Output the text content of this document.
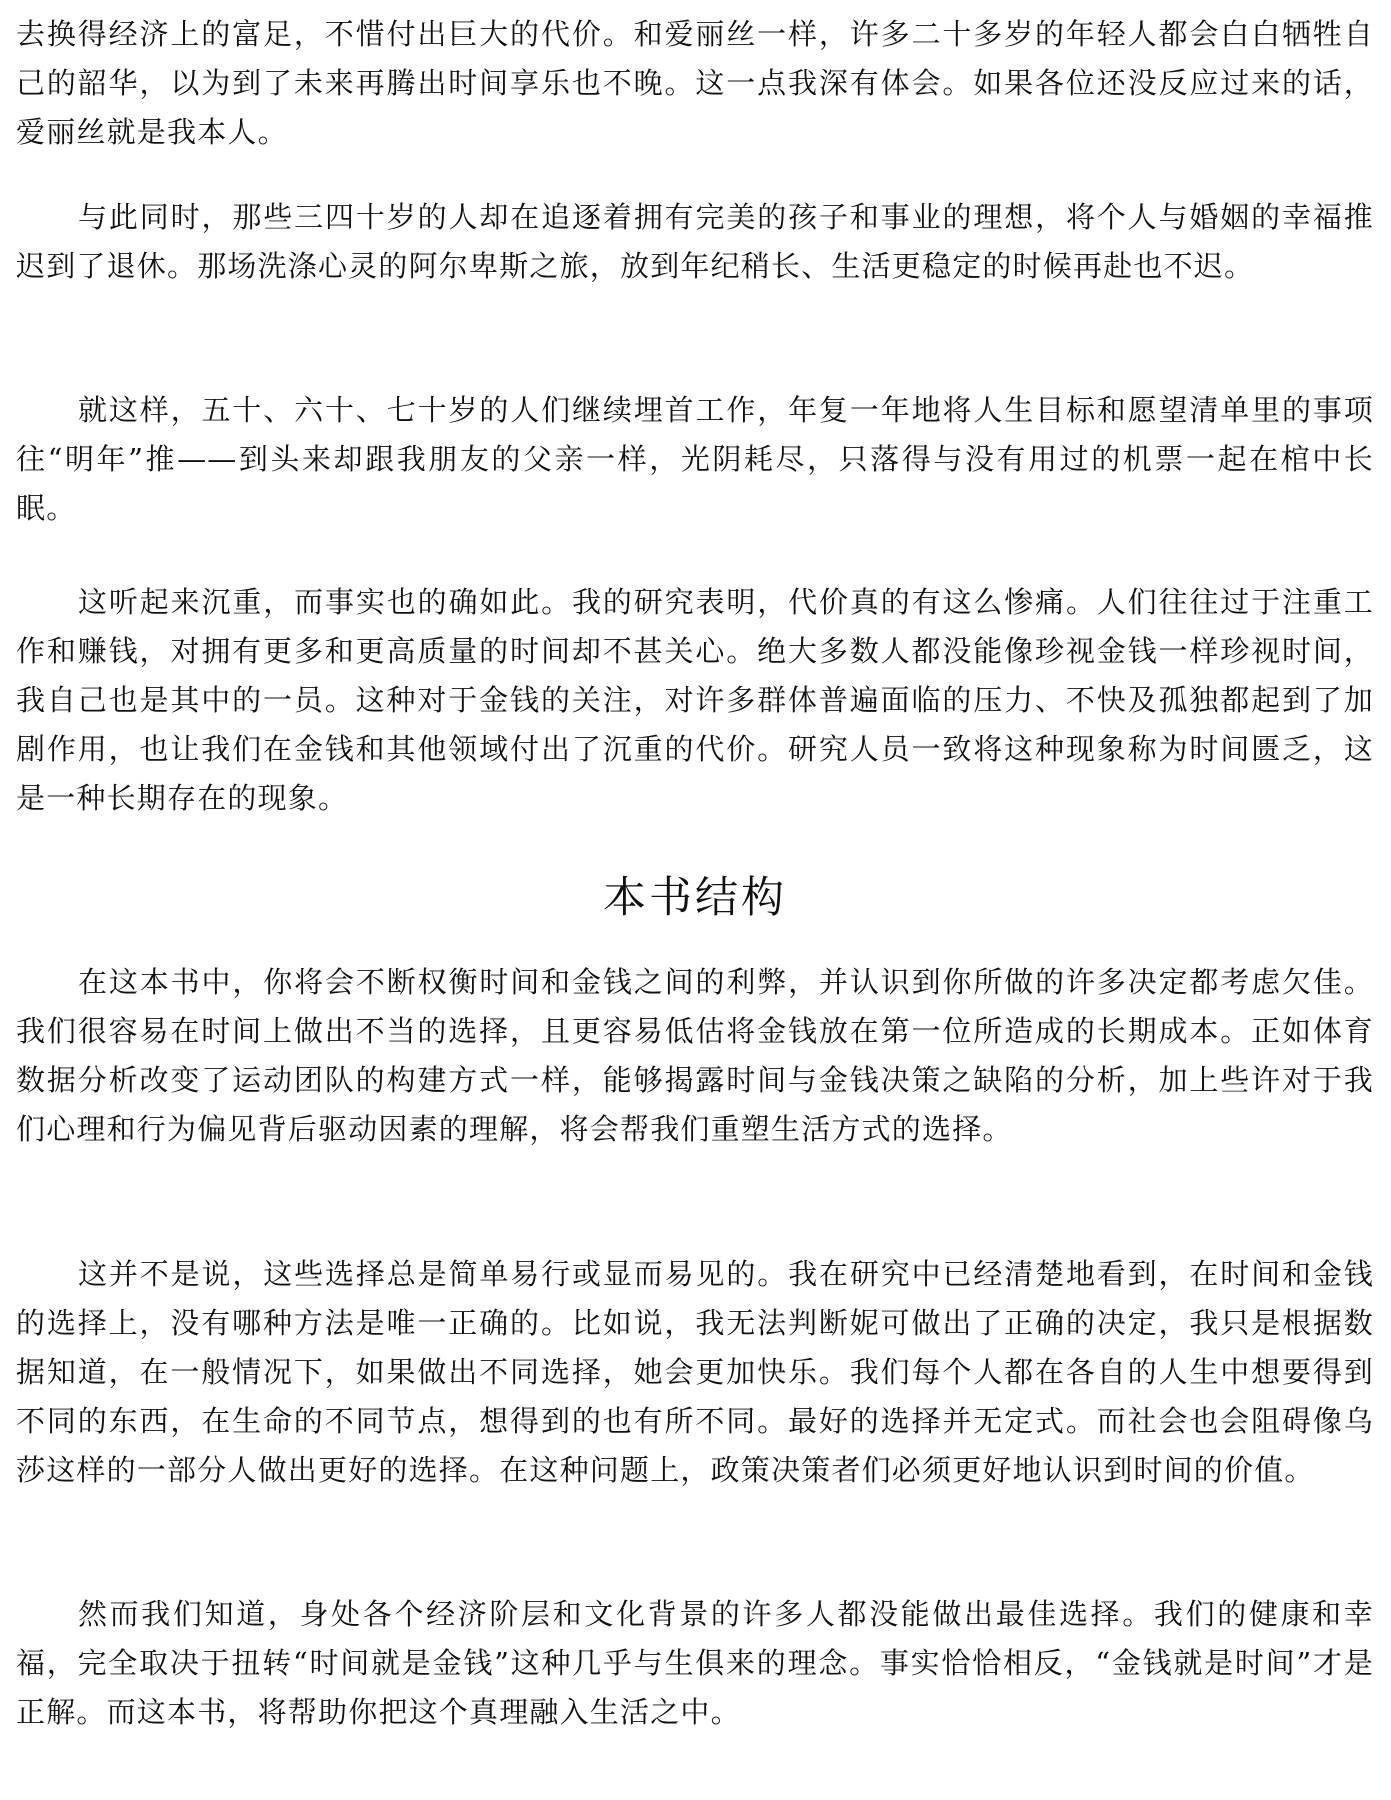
去换得经济上的富足，不惜付出巨大的代价。和爱丽丝一样，许多二十多岁的年轻人都会白白牺牲自己的韶华，以为到了未来再腾出时间享乐也不晚。这一点我深有体会。如果各位还没反应过来的话，爱丽丝就是我本人。

与此同时，那些三四十岁的人却在追逐着拥有完美的孩子和事业的理想，将个人与婚姻的幸福推迟到了退休。那场洗涤心灵的阿尔卑斯之旅，放到年纪稍长、生活更稳定的时候再赴也不迟。

就这样，五十、六十、七十岁的人们继续埋首工作，年复一年地将人生目标和愿望清单里的事项往“明年”推——到头来却跟我朋友的父亲一样，光阴耗尽，只落得与没有用过的机票一起在棺中长眠。

这听起来沉重，而事实也的确如此。我的研究表明，代价真的有这么惨痛。人们往往过于注重工作和赚钱，对拥有更多和更高质量的时间却不甚关心。绝大多数人都没能像珍视金钱一样珍视时间，我自己也是其中的一员。这种对于金钱的关注，对许多群体普遍面临的压力、不快及孤独都起到了加剧作用，也让我们在金钱和其他领域付出了沉重的代价。研究人员一致将这种现象称为时间匮乏，这是一种长期存在的现象。

本书结构

在这本书中，你将会不断权衡时间和金钱之间的利弊，并认识到你所做的许多决定都考虑欠佳。我们很容易在时间上做出不当的选择，且更容易低估将金钱放在第一位所造成的长期成本。正如体育数据分析改变了运动团队的构建方式一样，能够揭露时间与金钱决策之缺陷的分析，加上些许对于我们心理和行为偏见背后驱动因素的理解，将会帮我们重塑生活方式的选择。

这并不是说，这些选择总是简单易行或显而易见的。我在研究中已经清楚地看到，在时间和金钱的选择上，没有哪种方法是唯一正确的。比如说，我无法判断妮可做出了正确的决定，我只是根据数据知道，在一般情况下，如果做出不同选择，她会更加快乐。我们每个人都在各自的人生中想要得到不同的东西，在生命的不同节点，想得到的也有所不同。最好的选择并无定式。而社会也会阻碍像乌莎这样的一部分人做出更好的选择。在这种问题上，政策决策者们必须更好地认识到时间的价值。

然而我们知道，身处各个经济阶层和文化背景的许多人都没能做出最佳选择。我们的健康和幸福，完全取决于扭转“时间就是金钱”这种几乎与生俱来的理念。事实恰恰相反，“金钱就是时间”才是正解。而这本书，将帮助你把这个真理融入生活之中。
